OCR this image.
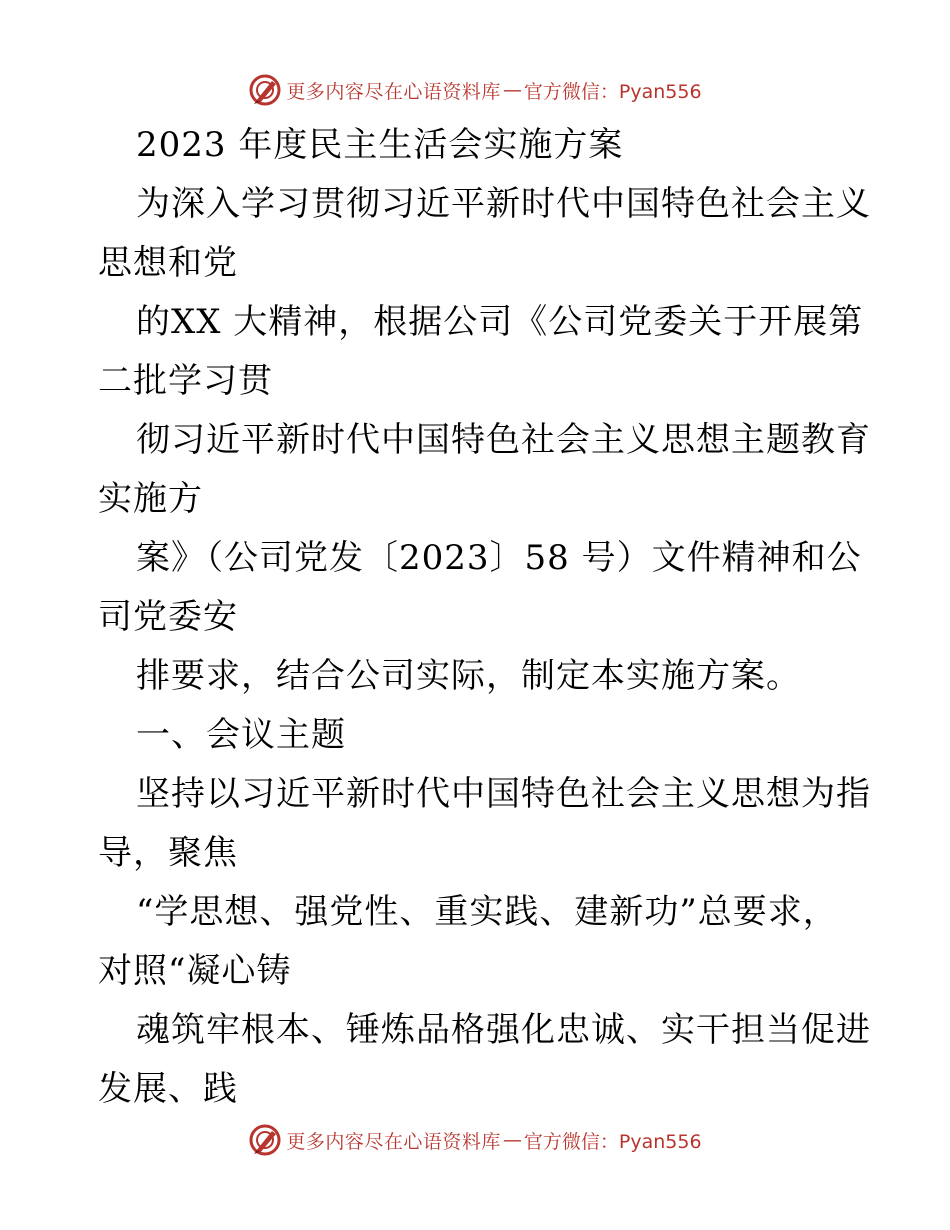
更多内容尽在心语资料库 — 官方微信：Pyan556
2023 年度民主生活会实施方案
为深入学习贯彻习近平新时代中国特色社会主义
思想和党
的XX 大精神，根据公司《公司党委关于开展第
二批学习贯
彻习近平新时代中国特色社会主义思想主题教育
实施方
案》（公司党发〔2023〕58 号）文件精神和公
司党委安
排要求，结合公司实际，制定本实施方案。
一、会议主题
坚持以习近平新时代中国特色社会主义思想为指
导，聚焦
“学思想、强党性、重实践、建新功”总要求，
对照“凝心铸
魂筑牢根本、锤炼品格强化忠诚、实干担当促进
发展、践
更多内容尽在心语资料库 — 官方微信：Pyan556
